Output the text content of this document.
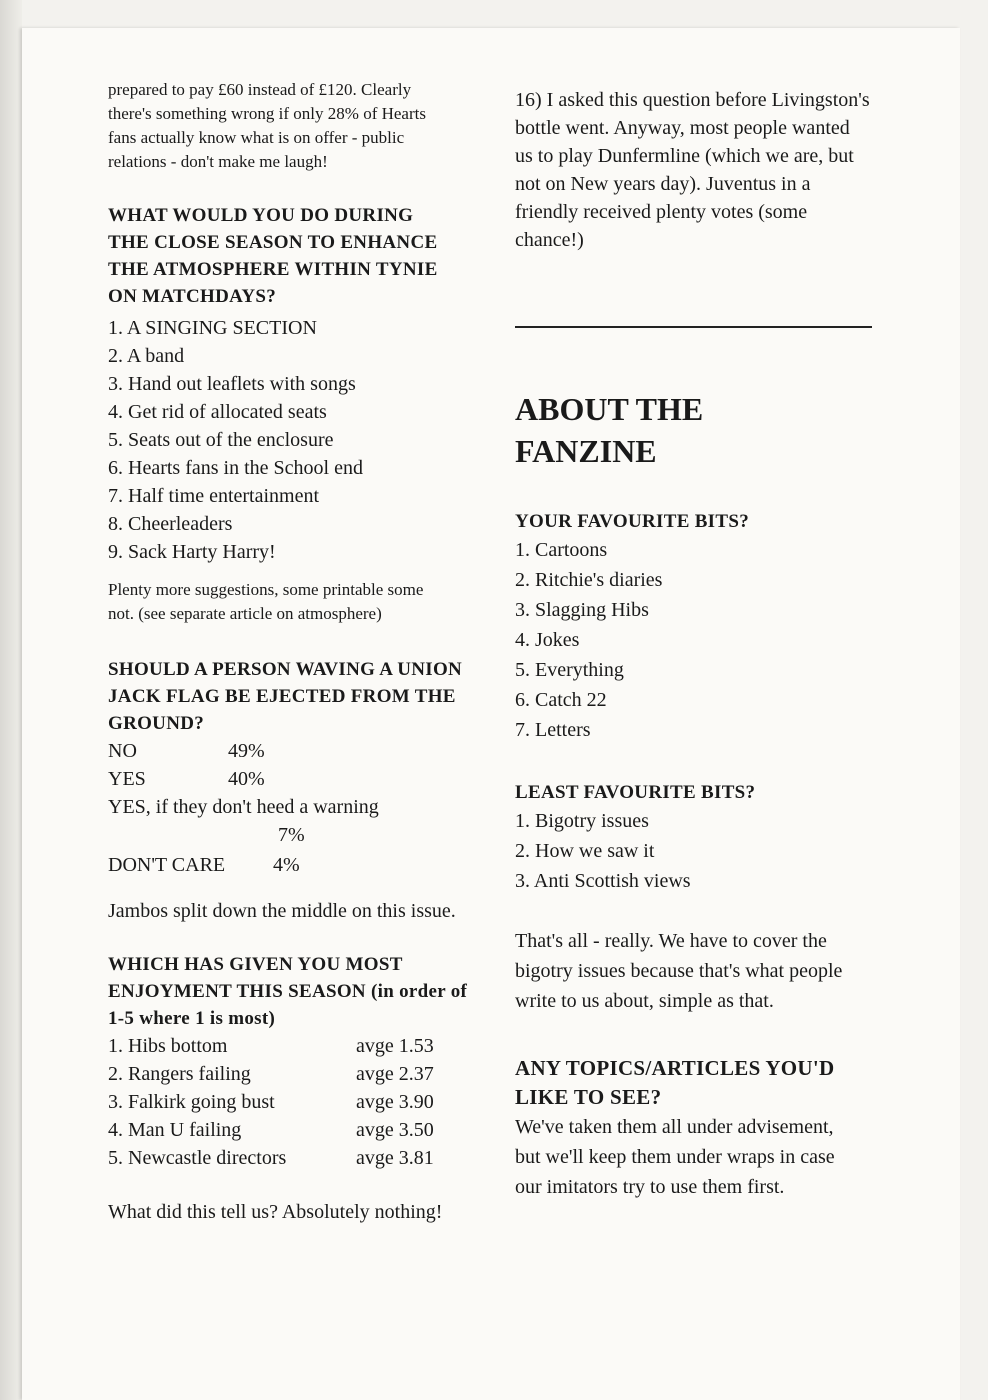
prepared to pay £60 instead of £120. Clearly there's something wrong if only 28% of Hearts fans actually know what is on offer - public relations - don't make me laugh!

WHAT WOULD YOU DO DURING THE CLOSE SEASON TO ENHANCE THE ATMOSPHERE WITHIN TYNIE ON MATCHDAYS?

1. A SINGING SECTION
2. A band
3. Hand out leaflets with songs
4. Get rid of allocated seats
5. Seats out of the enclosure
6. Hearts fans in the School end
7. Half time entertainment
8. Cheerleaders
9. Sack Harty Harry!

Plenty more suggestions, some printable some not. (see separate article on atmosphere)

SHOULD A PERSON WAVING A UNION JACK FLAG BE EJECTED FROM THE GROUND?

NO	49%
YES	40%
YES, if they don't heed a warning
7%
DON'T CARE	4%

Jambos split down the middle on this issue.

WHICH HAS GIVEN YOU MOST ENJOYMENT THIS SEASON (in order of 1-5 where 1 is most)

1. Hibs bottom	avge 1.53
2. Rangers failing	avge 2.37
3. Falkirk going bust	avge 3.90
4. Man U failing	avge 3.50
5. Newcastle directors	avge 3.81

What did this tell us? Absolutely nothing!

16) I asked this question before Livingston's bottle went. Anyway, most people wanted us to play Dunfermline (which we are, but not on New years day). Juventus in a friendly received plenty votes (some chance!)

ABOUT THE FANZINE

YOUR FAVOURITE BITS?

1. Cartoons
2. Ritchie's diaries
3. Slagging Hibs
4. Jokes
5. Everything
6. Catch 22
7. Letters

LEAST FAVOURITE BITS?

1. Bigotry issues
2. How we saw it
3. Anti Scottish views

That's all - really. We have to cover the bigotry issues because that's what people write to us about, simple as that.

ANY TOPICS/ARTICLES YOU'D LIKE TO SEE?

We've taken them all under advisement, but we'll keep them under wraps in case our imitators try to use them first.
